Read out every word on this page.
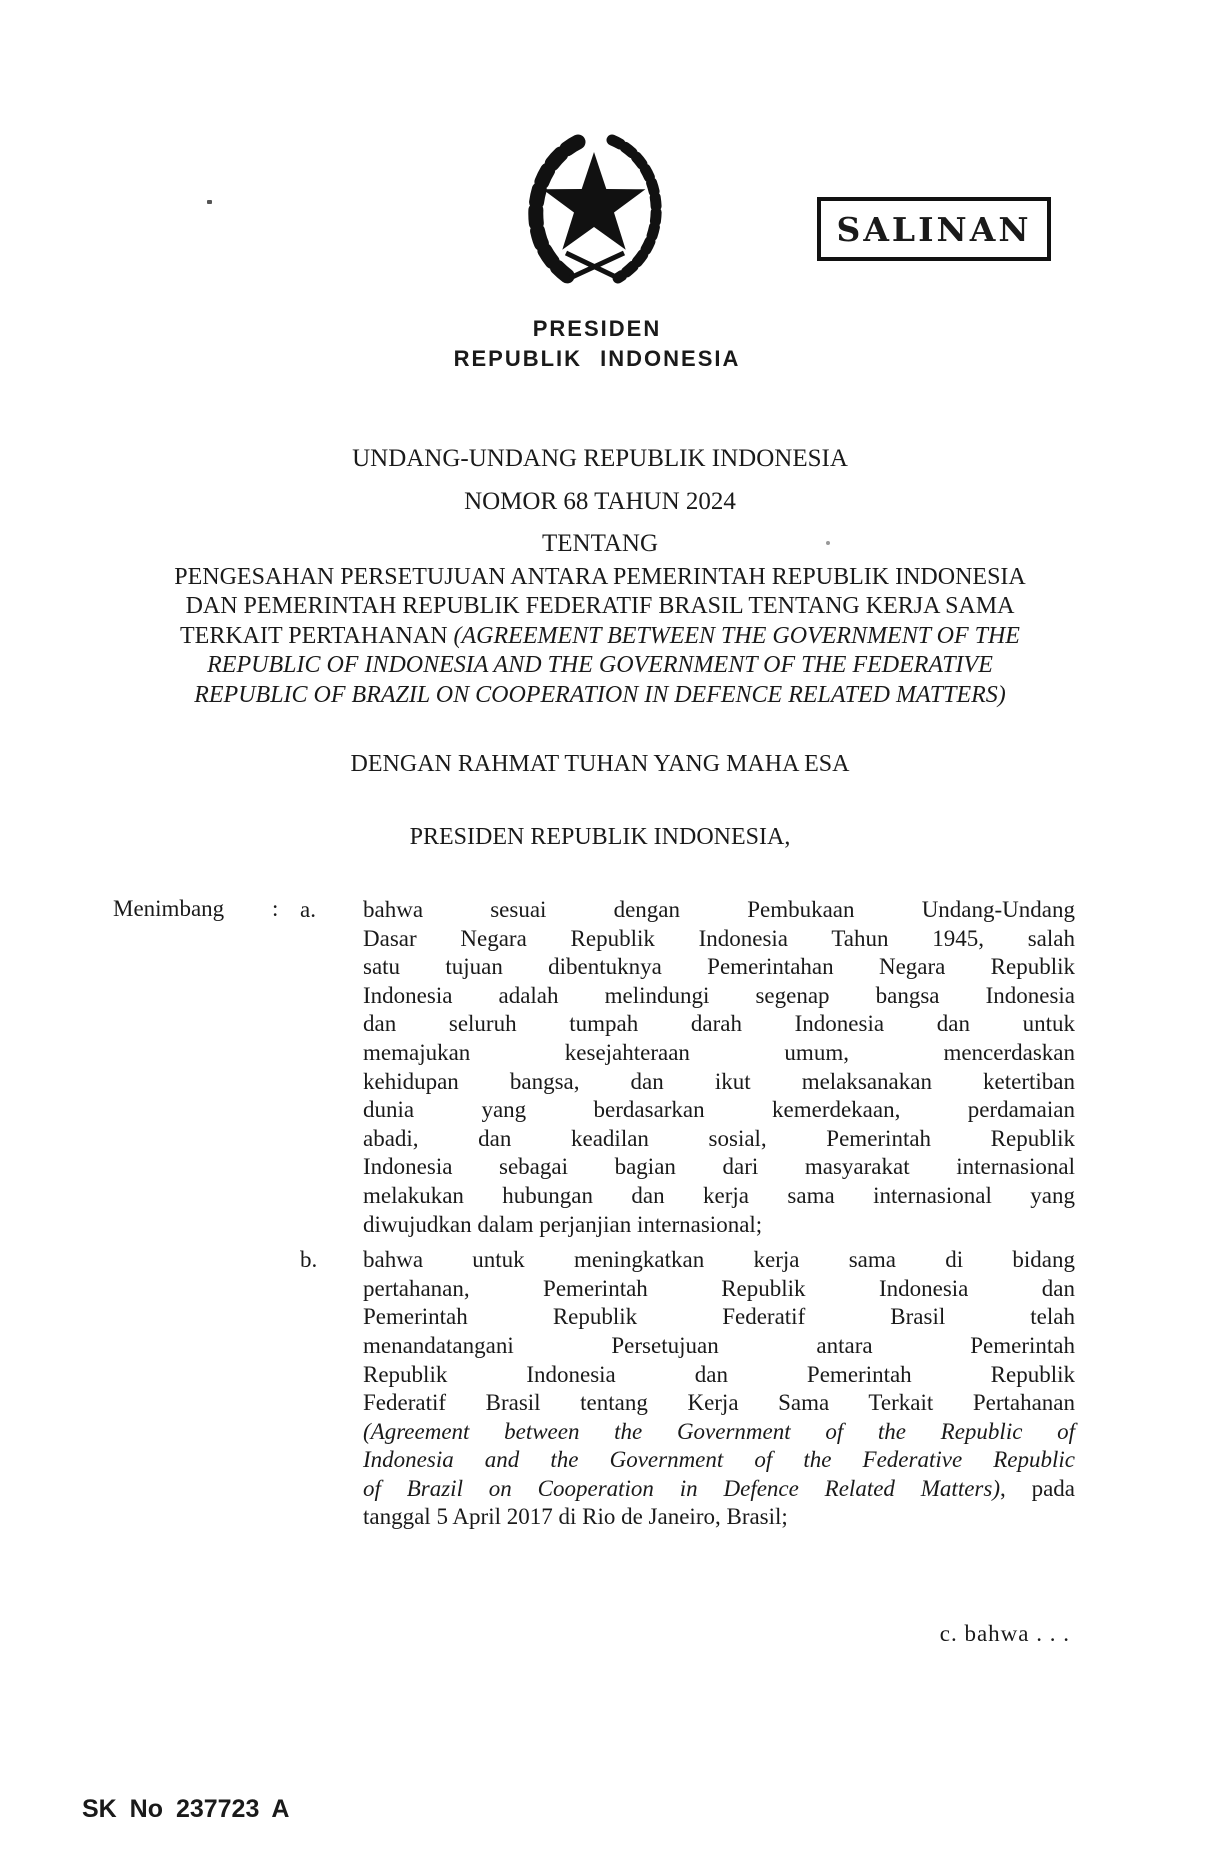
SALINAN
PRESIDEN
REPUBLIK INDONESIA
UNDANG-UNDANG REPUBLIK INDONESIA
NOMOR 68 TAHUN 2024
TENTANG
PENGESAHAN PERSETUJUAN ANTARA PEMERINTAH REPUBLIK INDONESIA
DAN PEMERINTAH REPUBLIK FEDERATIF BRASIL TENTANG KERJA SAMA
TERKAIT PERTAHANAN (AGREEMENT BETWEEN THE GOVERNMENT OF THE
REPUBLIC OF INDONESIA AND THE GOVERNMENT OF THE FEDERATIVE
REPUBLIC OF BRAZIL ON COOPERATION IN DEFENCE RELATED MATTERS)
DENGAN RAHMAT TUHAN YANG MAHA ESA
PRESIDEN REPUBLIK INDONESIA,
Menimbang : a.	bahwa sesuai dengan Pembukaan Undang-Undang
Dasar Negara Republik Indonesia Tahun 1945, salah
satu tujuan dibentuknya Pemerintahan Negara Republik
Indonesia adalah melindungi segenap bangsa Indonesia
dan seluruh tumpah darah Indonesia dan untuk
memajukan kesejahteraan umum, mencerdaskan
kehidupan bangsa, dan ikut melaksanakan ketertiban
dunia yang berdasarkan kemerdekaan, perdamaian
abadi, dan keadilan sosial, Pemerintah Republik
Indonesia sebagai bagian dari masyarakat internasional
melakukan hubungan dan kerja sama internasional yang
diwujudkan dalam perjanjian internasional;
b.	bahwa untuk meningkatkan kerja sama di bidang
pertahanan, Pemerintah Republik Indonesia dan
Pemerintah Republik Federatif Brasil telah
menandatangani Persetujuan antara Pemerintah
Republik Indonesia dan Pemerintah Republik
Federatif Brasil tentang Kerja Sama Terkait Pertahanan
(Agreement between the Government of the Republic of
Indonesia and the Government of the Federative Republic
of Brazil on Cooperation in Defence Related Matters), pada
tanggal 5 April 2017 di Rio de Janeiro, Brasil;
c. bahwa . . .
SK No 237723 A
